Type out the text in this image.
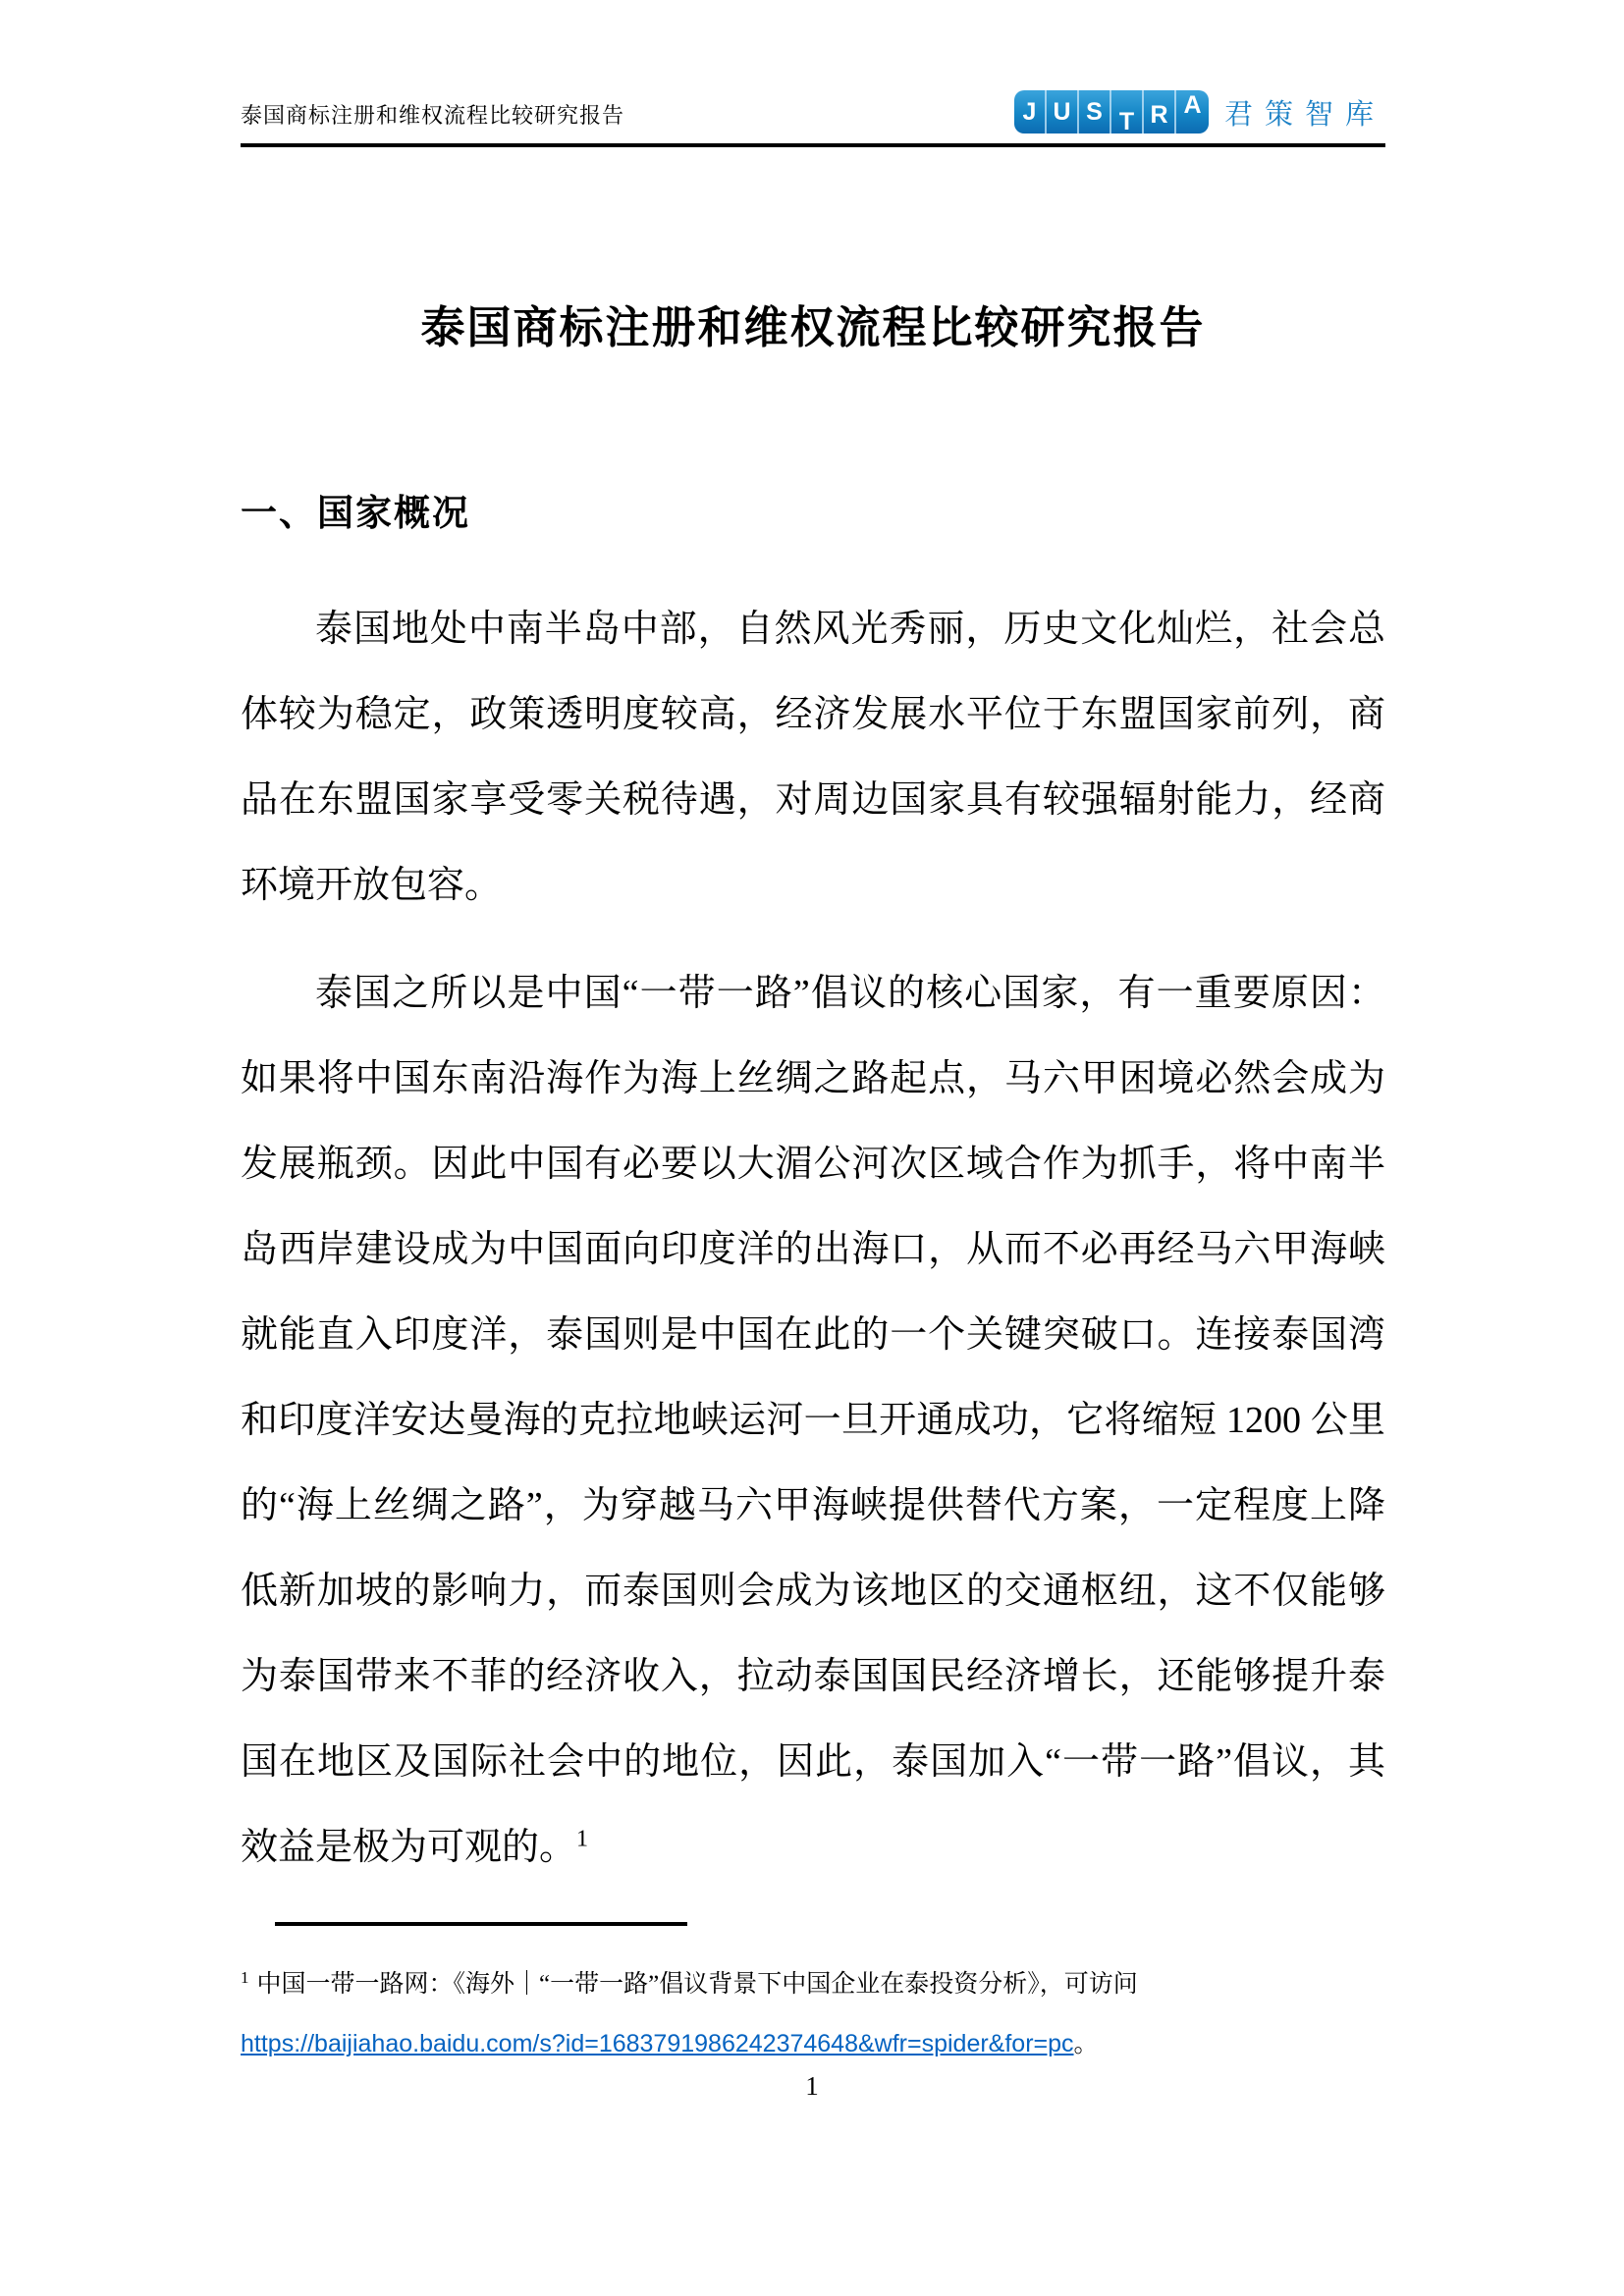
泰国商标注册和维权流程比较研究报告	J U S T R A 君策智库
泰国商标注册和维权流程比较研究报告
一、国家概况

泰国地处中南半岛中部，自然风光秀丽，历史文化灿烂，社会总体较为稳定，政策透明度较高，经济发展水平位于东盟国家前列，商品在东盟国家享受零关税待遇，对周边国家具有较强辐射能力，经商环境开放包容。

泰国之所以是中国“一带一路”倡议的核心国家，有一重要原因：如果将中国东南沿海作为海上丝绸之路起点，马六甲困境必然会成为发展瓶颈。因此中国有必要以大湄公河次区域合作为抓手，将中南半岛西岸建设成为中国面向印度洋的出海口，从而不必再经马六甲海峡就能直入印度洋，泰国则是中国在此的一个关键突破口。连接泰国湾和印度洋安达曼海的克拉地峡运河一旦开通成功，它将缩短 1200 公里的“海上丝绸之路”，为穿越马六甲海峡提供替代方案，一定程度上降低新加坡的影响力，而泰国则会成为该地区的交通枢纽，这不仅能够为泰国带来不菲的经济收入，拉动泰国国民经济增长，还能够提升泰国在地区及国际社会中的地位，因此，泰国加入“一带一路”倡议，其效益是极为可观的。$^1$

$^1$ 中国一带一路网：《海外｜“一带一路”倡议背景下中国企业在泰投资分析》，可访问
https://baijiahao.baidu.com/s?id=1683791986242374648&wfr=spider&for=pc。
1
